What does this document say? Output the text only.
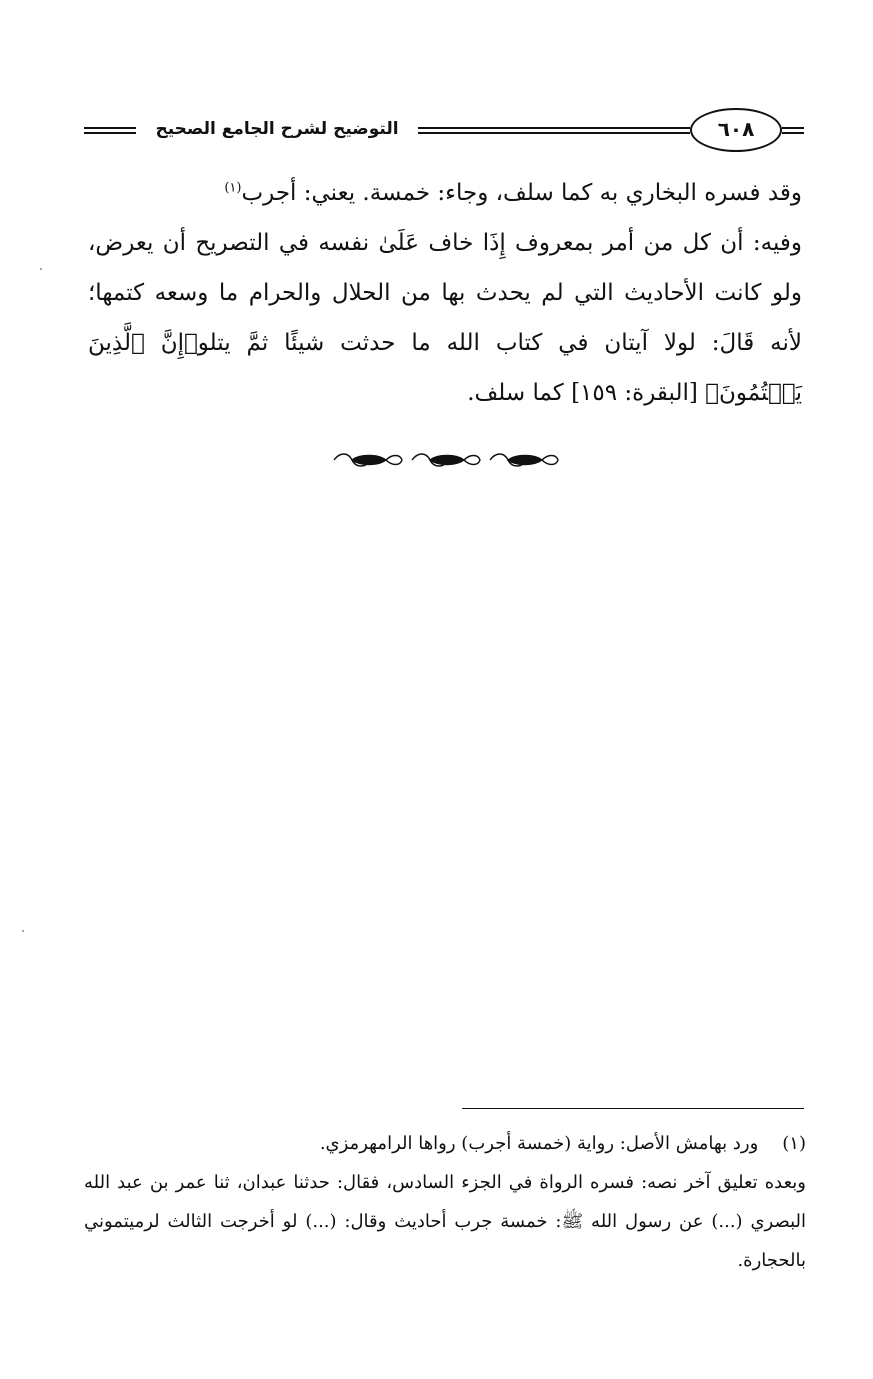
التوضيح لشرح الجامع الصحيح	٦٠٨

وقد فسره البخاري به كما سلف، وجاء: خمسة. يعني: أجرب$^{(١)}$

وفيه: أن كل من أمر بمعروف إِذَا خاف عَلَىٰ نفسه في التصريح أن يعرض، ولو كانت الأحاديث التي لم يحدث بها من الحلال والحرام ما وسعه كتمها؛ لأنه قَالَ: لولا آيتان في كتاب الله ما حدثت شيئًا ثمَّ يتلو﴿إِنَّ ٱلَّذِينَ يَكۡتُمُونَ﴾ [البقرة: ١٥٩] كما سلف.

(١) ورد بهامش الأصل: رواية (خمسة أجرب) رواها الرامهرمزي.

وبعده تعليق آخر نصه: فسره الرواة في الجزء السادس، فقال: حدثنا عبدان، ثنا عمر بن عبد الله البصري (...) عن رسول الله ﷺ: خمسة جرب أحاديث وقال: (...) لو أخرجت الثالث لرميتموني بالحجارة.
